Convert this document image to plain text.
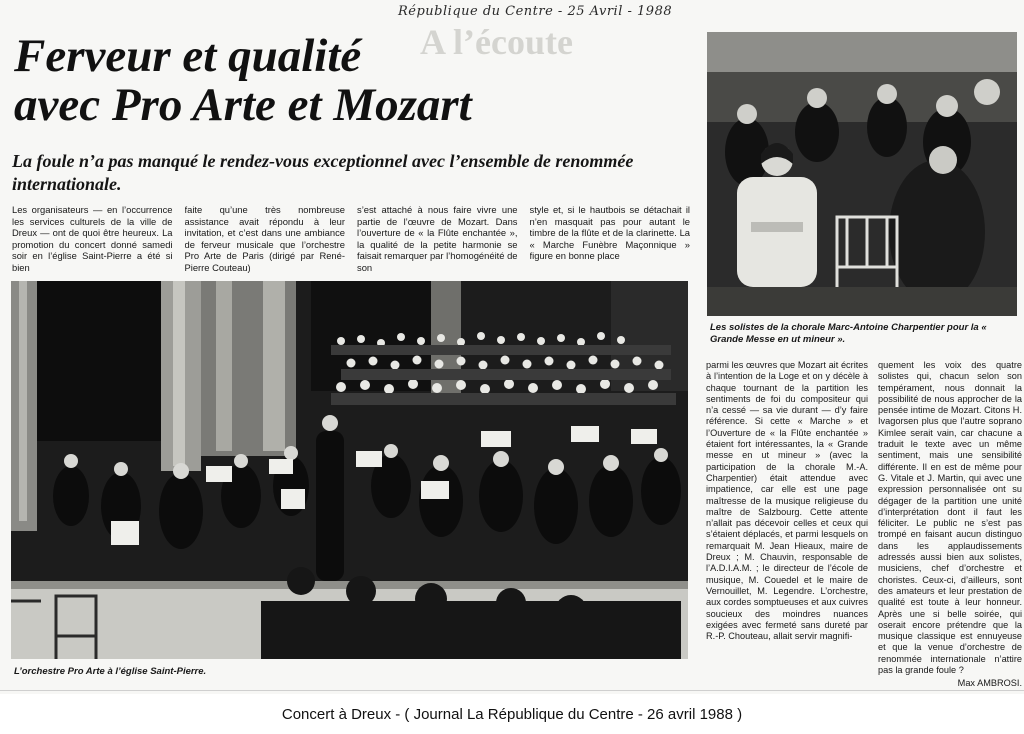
République du Centre - 25 Avril - 1988
A l’écoute
Ferveur et qualité
avec Pro Arte et Mozart

La foule n’a pas manqué le rendez-vous exceptionnel avec l’ensemble de renommée internationale.

Les organisateurs — en l’occurrence les services culturels de la ville de Dreux — ont de quoi être heureux. La promotion du concert donné samedi soir en l’église Saint-Pierre a été si bien

faite qu’une très nombreuse assistance avait répondu à leur invitation, et c’est dans une ambiance de ferveur musicale que l’orchestre Pro Arte de Paris (dirigé par René-Pierre Couteau)

s’est attaché à nous faire vivre une partie de l’œuvre de Mozart. Dans l’ouverture de « la Flûte enchantée », la qualité de la petite harmonie se faisait remarquer par l’homogénéité de son

style et, si le hautbois se détachait il n’en masquait pas pour autant le timbre de la flûte et de la clarinette. La « Marche Funèbre Maçonnique » figure en bonne place

L’orchestre Pro Arte à l’église Saint-Pierre.

Les solistes de la chorale Marc-Antoine Charpentier pour la « Grande Messe en ut mineur ».

parmi les œuvres que Mozart ait écrites à l’intention de la Loge et on y décèle à chaque tournant de la partition les sentiments de foi du compositeur qui n’a cessé — sa vie durant — d’y faire référence. Si cette « Marche » et l’Ouverture de « la Flûte enchantée » étaient fort intéressantes, la « Grande messe en ut mineur » (avec la participation de la chorale M.-A. Charpentier) était attendue avec impatience, car elle est une page maîtresse de la musique religieuse du maître de Salzbourg. Cette attente n’allait pas décevoir celles et ceux qui s’étaient déplacés, et parmi lesquels on remarquait M. Jean Hieaux, maire de Dreux ; M. Chauvin, responsable de l’A.D.I.A.M. ; le directeur de l’école de musique, M. Couedel et le maire de Vernouillet, M. Legendre. L’orchestre, aux cordes somptueuses et aux cuivres soucieux des moindres nuances exigées avec fermeté sans dureté par R.-P. Chouteau, allait servir magnifi-

quement les voix des quatre solistes qui, chacun selon son tempérament, nous donnait la possibilité de nous approcher de la pensée intime de Mozart. Citons H. Ivagorsen plus que l’autre soprano Kimlee serait vain, car chacune a traduit le texte avec un même sentiment, mais une sensibilité différente. Il en est de même pour G. Vitale et J. Martin, qui avec une expression personnalisée ont su dégager de la partition une unité d’interprétation dont il faut les féliciter. Le public ne s’est pas trompé en faisant aucun distinguo dans les applaudissements adressés aussi bien aux solistes, musiciens, chef d’orchestre et choristes. Ceux-ci, d’ailleurs, sont des amateurs et leur prestation de qualité est toute à leur honneur. Après une si belle soirée, qui oserait encore prétendre que la musique classique est ennuyeuse et que la venue d’orchestre de renommée internationale n’attire pas la grande foule ?
Max AMBROSI.
Concert à Dreux - ( Journal La République du Centre - 26 avril 1988 )
